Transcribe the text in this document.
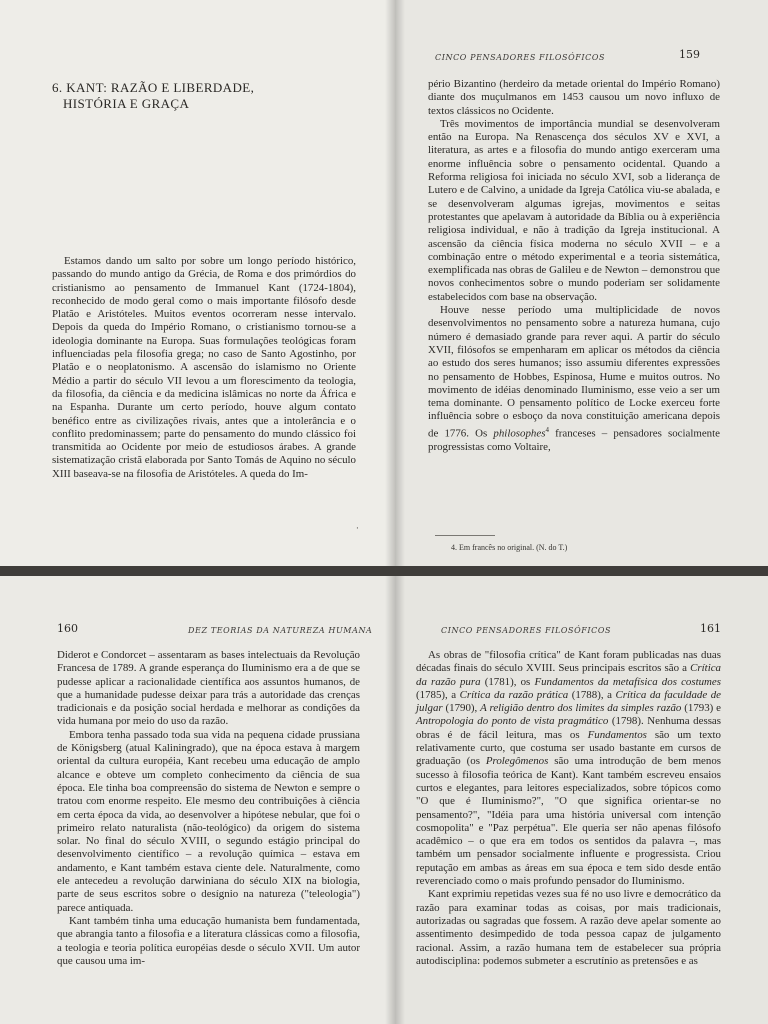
6. KANT: RAZÃO E LIBERDADE,
HISTÓRIA E GRAÇA

Estamos dando um salto por sobre um longo período histórico, passando do mundo antigo da Grécia, de Roma e dos primórdios do cristianismo ao pensamento de Immanuel Kant (1724-1804), reconhecido de modo geral como o mais importante filósofo desde Platão e Aristóteles. Muitos eventos ocorreram nesse intervalo. Depois da queda do Império Romano, o cristianismo tornou-se a ideologia dominante na Europa. Suas formulações teológicas foram influenciadas pela filosofia grega; no caso de Santo Agostinho, por Platão e o neoplatonismo. A ascensão do islamismo no Oriente Médio a partir do século VII levou a um florescimento da teologia, da filosofia, da ciência e da medicina islâmicas no norte da África e na Espanha. Durante um certo período, houve algum contato benéfico entre as civilizações rivais, antes que a intolerância e o conflito predominassem; parte do pensamento do mundo clássico foi transmitida ao Ocidente por meio de estudiosos árabes. A grande sistematização cristã elaborada por Santo Tomás de Aquino no século XIII baseava-se na filosofia de Aristóteles. A queda do Im-

·
CINCO PENSADORES FILOSÓFICOS	159

pério Bizantino (herdeiro da metade oriental do Império Romano) diante dos muçulmanos em 1453 causou um novo influxo de textos clássicos no Ocidente.

Três movimentos de importância mundial se desenvolveram então na Europa. Na Renascença dos séculos XV e XVI, a literatura, as artes e a filosofia do mundo antigo exerceram uma enorme influência sobre o pensamento ocidental. Quando a Reforma religiosa foi iniciada no século XVI, sob a liderança de Lutero e de Calvino, a unidade da Igreja Católica viu-se abalada, e se desenvolveram algumas igrejas, movimentos e seitas protestantes que apelavam à autoridade da Bíblia ou à experiência religiosa individual, e não à tradição da Igreja institucional. A ascensão da ciência física moderna no século XVII – e a combinação entre o método experimental e a teoria sistemática, exemplificada nas obras de Galileu e de Newton – demonstrou que novos conhecimentos sobre o mundo poderiam ser solidamente estabelecidos com base na observação.

Houve nesse período uma multiplicidade de novos desenvolvimentos no pensamento sobre a natureza humana, cujo número é demasiado grande para rever aqui. A partir do século XVII, filósofos se empenharam em aplicar os métodos da ciência ao estudo dos seres humanos; isso assumiu diferentes expressões no pensamento de Hobbes, Espinosa, Hume e muitos outros. No movimento de idéias denominado Iluminismo, esse veio a ser um tema dominante. O pensamento político de Locke exerceu forte influência sobre o esboço da nova constituição americana depois de 1776. Os philosophes$^4$ franceses – pensadores socialmente progressistas como Voltaire,

4. Em francês no original. (N. do T.)
160	DEZ TEORIAS DA NATUREZA HUMANA

Diderot e Condorcet – assentaram as bases intelectuais da Revolução Francesa de 1789. A grande esperança do Iluminismo era a de que se pudesse aplicar a racionalidade científica aos assuntos humanos, de que a humanidade pudesse deixar para trás a autoridade das crenças tradicionais e da posição social herdada e melhorar as condições da vida humana por meio do uso da razão.

Embora tenha passado toda sua vida na pequena cidade prussiana de Königsberg (atual Kaliningrado), que na época estava à margem oriental da cultura européia, Kant recebeu uma educação de amplo alcance e obteve um completo conhecimento da ciência de sua época. Ele tinha boa compreensão do sistema de Newton e sempre o tratou com enorme respeito. Ele mesmo deu contribuições à ciência em certa época da vida, ao desenvolver a hipótese nebular, que foi o primeiro relato naturalista (não-teológico) da origem do sistema solar. No final do século XVIII, o segundo estágio principal do desenvolvimento científico – a revolução química – estava em andamento, e Kant também estava ciente dele. Naturalmente, como ele antecedeu a revolução darwiniana do século XIX na biologia, parte de seus escritos sobre o desígnio na natureza ("teleologia") parece antiquada.

Kant também tinha uma educação humanista bem fundamentada, que abrangia tanto a filosofia e a literatura clássicas como a filosofia, a teologia e teoria política européias desde o século XVII. Um autor que causou uma im-

CINCO PENSADORES FILOSÓFICOS	161

As obras de "filosofia crítica" de Kant foram publicadas nas duas décadas finais do século XVIII. Seus principais escritos são a Crítica da razão pura (1781), os Fundamentos da metafísica dos costumes (1785), a Crítica da razão prática (1788), a Crítica da faculdade de julgar (1790), A religião dentro dos limites da simples razão (1793) e Antropologia do ponto de vista pragmático (1798). Nenhuma dessas obras é de fácil leitura, mas os Fundamentos são um texto relativamente curto, que costuma ser usado bastante em cursos de graduação (os Prolegômenos são uma introdução de bem menos sucesso à filosofia teórica de Kant). Kant também escreveu ensaios curtos e elegantes, para leitores especializados, sobre tópicos como "O que é Iluminismo?", "O que significa orientar-se no pensamento?", "Idéia para uma história universal com intenção cosmopolita" e "Paz perpétua". Ele queria ser não apenas filósofo acadêmico – o que era em todos os sentidos da palavra –, mas também um pensador socialmente influente e progressista. Criou reputação em ambas as áreas em sua época e tem sido desde então reverenciado como o mais profundo pensador do Iluminismo.

Kant exprimiu repetidas vezes sua fé no uso livre e democrático da razão para examinar todas as coisas, por mais tradicionais, autorizadas ou sagradas que fossem. A razão deve apelar somente ao assentimento desimpedido de toda pessoa capaz de julgamento racional. Assim, a razão humana tem de estabelecer sua própria autodisciplina: podemos submeter a escrutínio as pretensões e as
